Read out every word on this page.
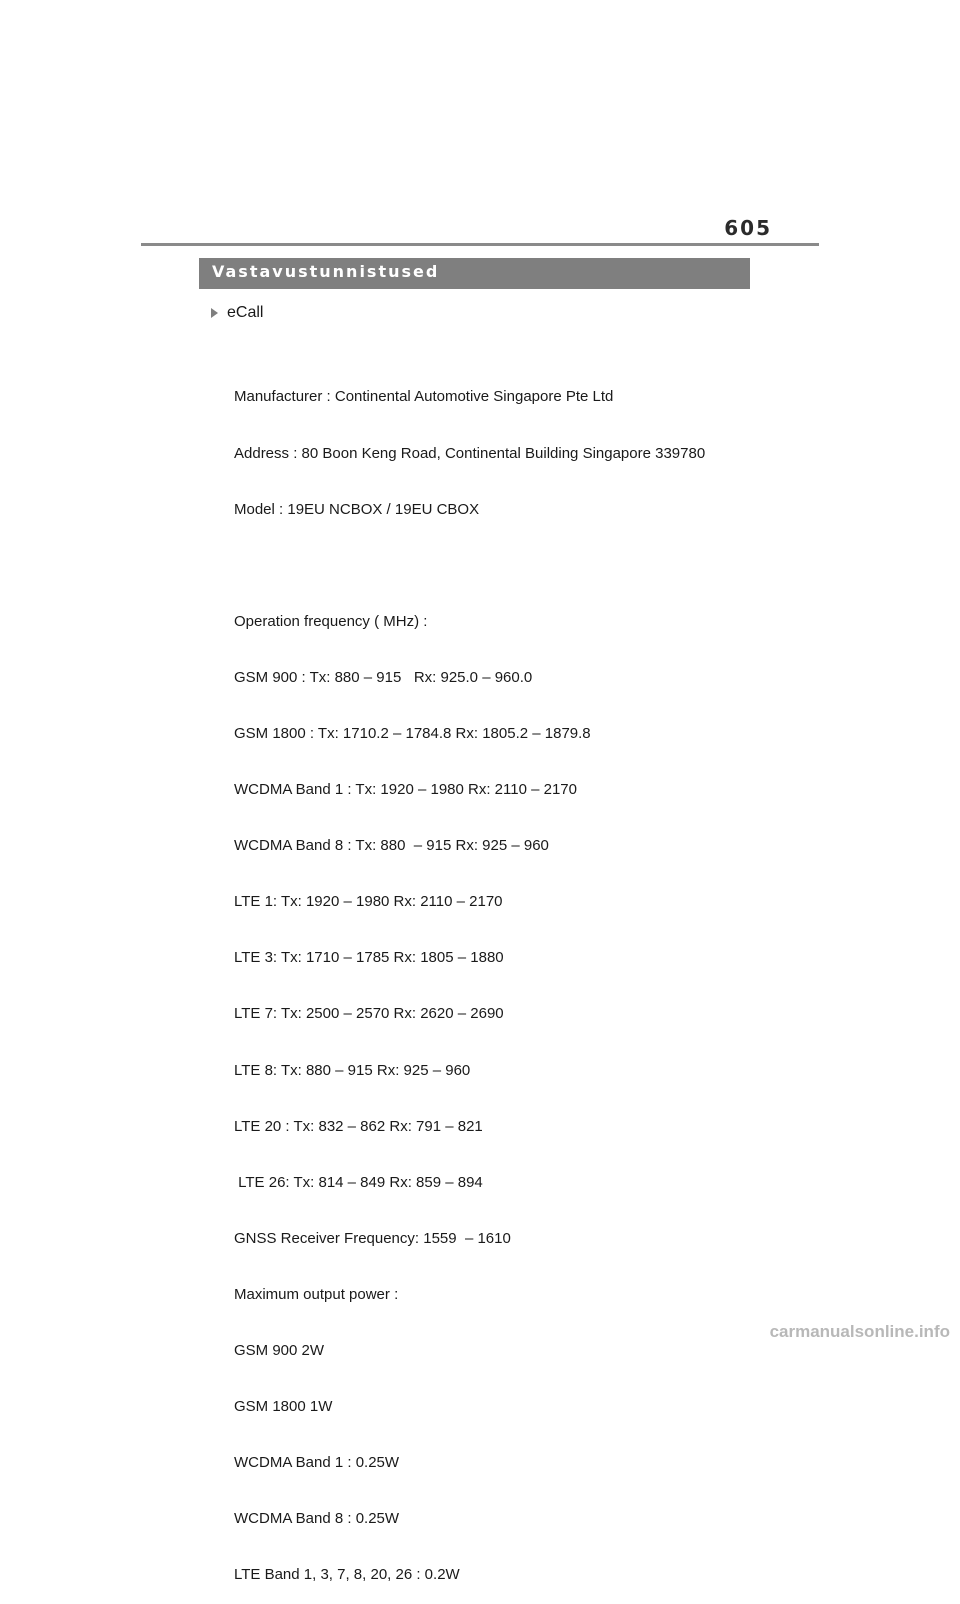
605
Vastavustunnistused
eCall

Manufacturer : Continental Automotive Singapore Pte Ltd

Address : 80 Boon Keng Road, Continental Building Singapore 339780

Model : 19EU NCBOX / 19EU CBOX

Operation frequency ( MHz) :

GSM 900 : Tx: 880 – 915   Rx: 925.0 – 960.0

GSM 1800 : Tx: 1710.2 – 1784.8 Rx: 1805.2 – 1879.8

WCDMA Band 1 : Tx: 1920 – 1980 Rx: 2110 – 2170

WCDMA Band 8 : Tx: 880  – 915 Rx: 925 – 960

LTE 1: Tx: 1920 – 1980 Rx: 2110 – 2170

LTE 3: Tx: 1710 – 1785 Rx: 1805 – 1880

LTE 7: Tx: 2500 – 2570 Rx: 2620 – 2690

LTE 8: Tx: 880 – 915 Rx: 925 – 960

LTE 20 : Tx: 832 – 862 Rx: 791 – 821

LTE 26: Tx: 814 – 849 Rx: 859 – 894

GNSS Receiver Frequency: 1559  – 1610

Maximum output power :

GSM 900 2W

GSM 1800 1W

WCDMA Band 1 : 0.25W

WCDMA Band 8 : 0.25W

LTE Band 1, 3, 7, 8, 20, 26 : 0.2W

carmanualsonline.info
